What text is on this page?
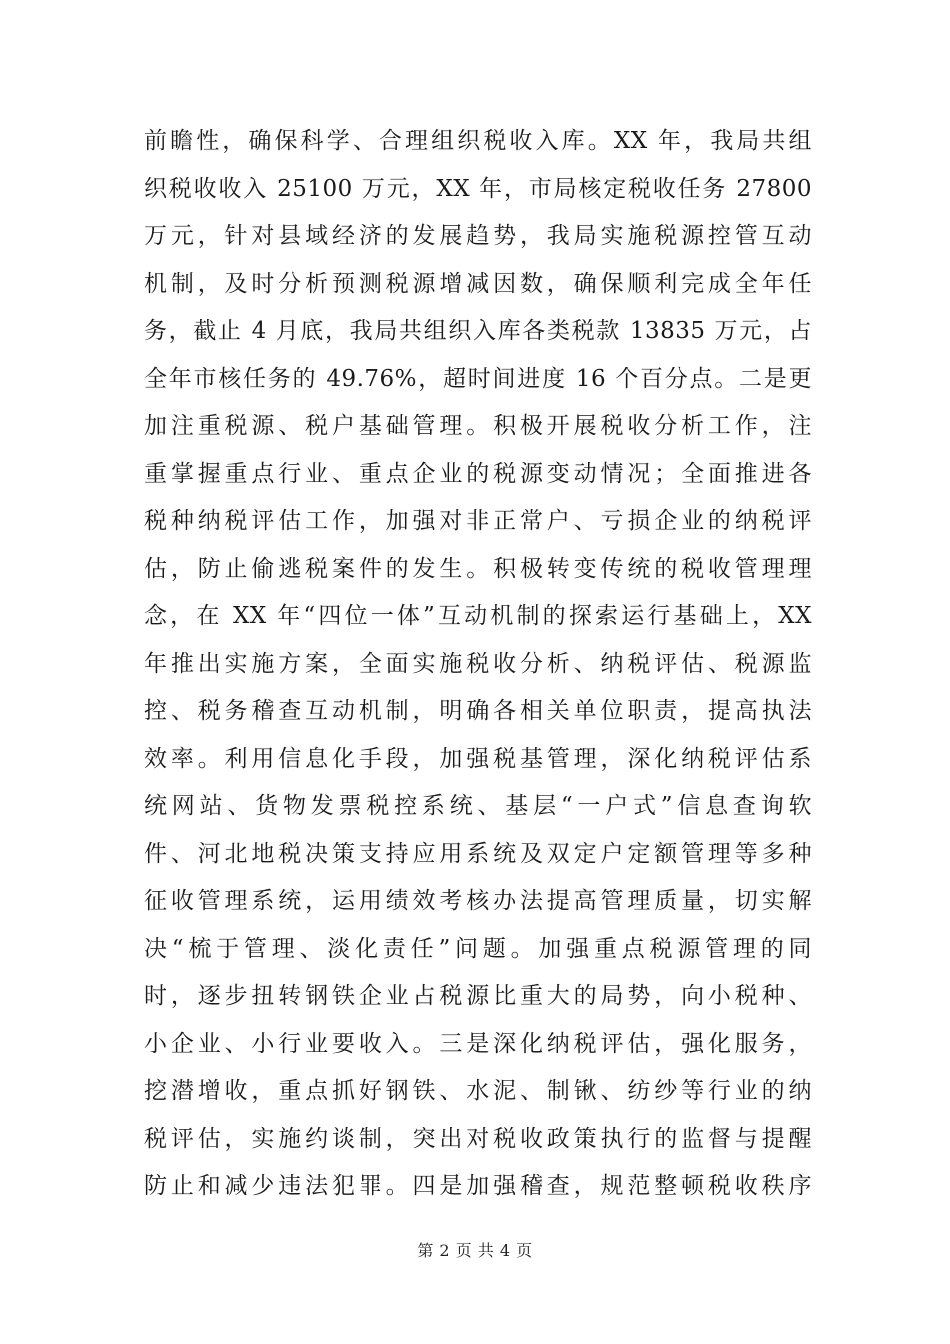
前瞻性，确保科学、合理组织税收入库。XX 年，我局共组
织税收收入 25100 万元，XX 年，市局核定税收任务 27800
万元，针对县域经济的发展趋势，我局实施税源控管互动
机制，及时分析预测税源增减因数，确保顺利完成全年任
务，截止 4 月底，我局共组织入库各类税款 13835 万元，占
全年市核任务的 49.76%，超时间进度 16 个百分点。二是更
加注重税源、税户基础管理。积极开展税收分析工作，注
重掌握重点行业、重点企业的税源变动情况；全面推进各
税种纳税评估工作，加强对非正常户、亏损企业的纳税评
估，防止偷逃税案件的发生。积极转变传统的税收管理理
念，在 XX 年“四位一体”互动机制的探索运行基础上，XX
年推出实施方案，全面实施税收分析、纳税评估、税源监
控、税务稽查互动机制，明确各相关单位职责，提高执法
效率。利用信息化手段，加强税基管理，深化纳税评估系
统网站、货物发票税控系统、基层“一户式”信息查询软
件、河北地税决策支持应用系统及双定户定额管理等多种
征收管理系统，运用绩效考核办法提高管理质量，切实解
决“梳于管理、淡化责任”问题。加强重点税源管理的同
时，逐步扭转钢铁企业占税源比重大的局势，向小税种、
小企业、小行业要收入。三是深化纳税评估，强化服务，
挖潜增收，重点抓好钢铁、水泥、制锹、纺纱等行业的纳
税评估，实施约谈制，突出对税收政策执行的监督与提醒
防止和减少违法犯罪。四是加强稽查，规范整顿税收秩序
第 2 页 共 4 页
